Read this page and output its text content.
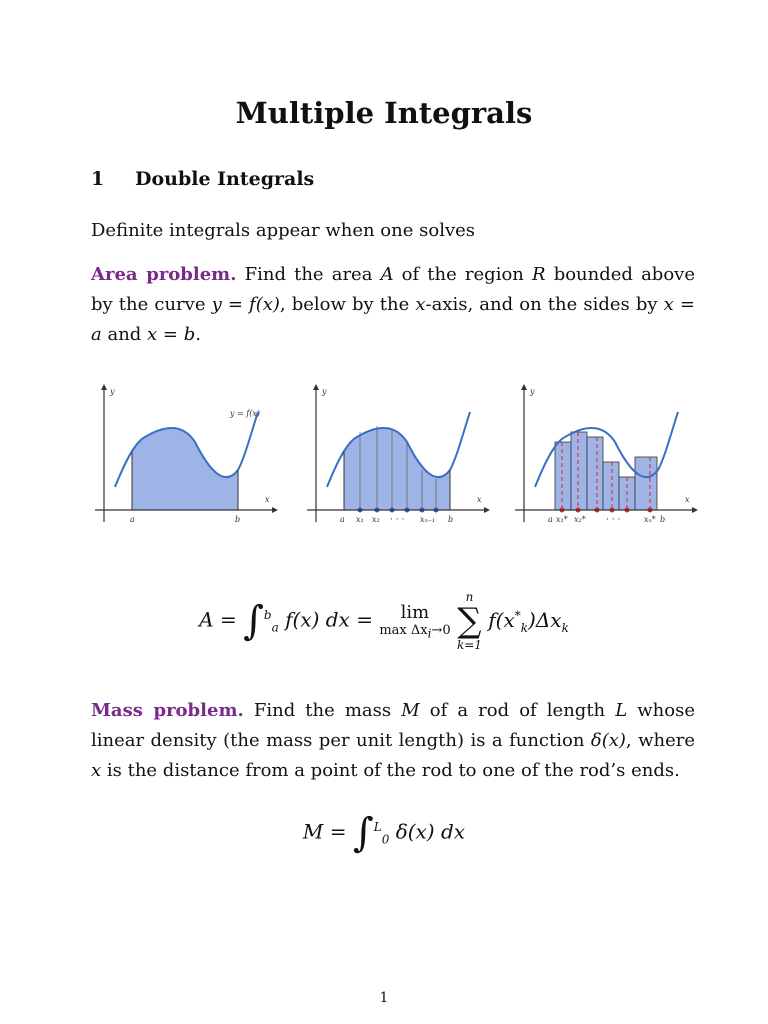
Multiple Integrals
1 Double Integrals
Definite integrals appear when one solves
Area problem. Find the area A of the region R bounded above by the curve y = f(x), below by the x-axis, and on the sides by x = a and x = b.
y
x
y = f(x)
a	b
y
x
a x₁ x₂ · · · xₙ₋₁ b
y
x
a x₁* x₂* · · ·	xₙ* b
A = ∫$^b_a$ f(x) dx =	lim
$\max \Delta x_i\to 0$

n
∑
k=1
$f(x^*_k)\Delta x_k$
Mass problem. Find the mass M of a rod of length L whose linear density (the mass per unit length) is a function δ(x), where x is the distance from a point of the rod to one of the rod’s ends.
M = ∫$^L_0$ δ(x) dx
1
